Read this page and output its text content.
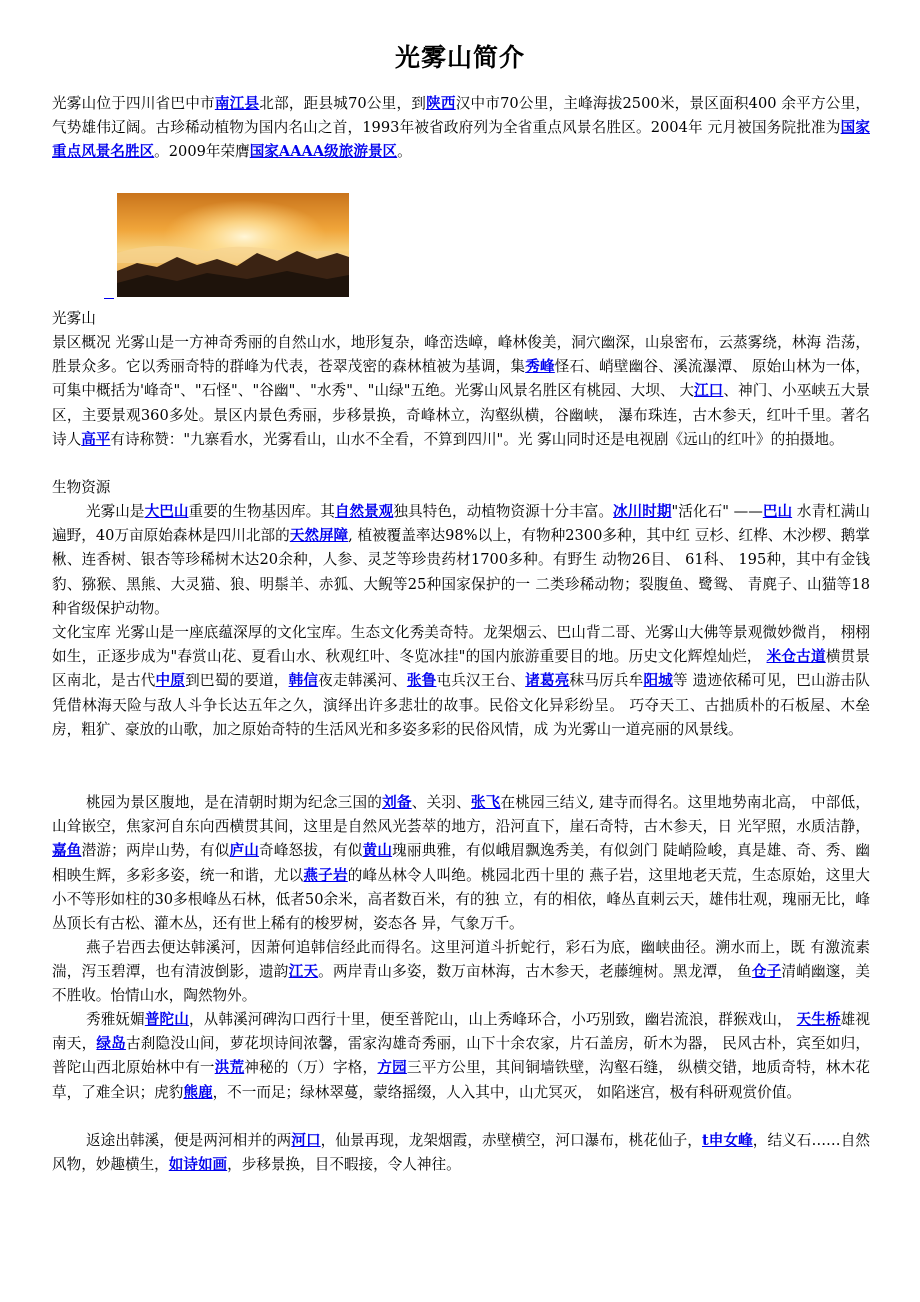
光雾山简介

光雾山位于四川省巴中市南江县北部，距县城70公里，到陕西汉中市70公里，主峰海拔2500米，景区面积400 余平方公里，气势雄伟辽阔。古珍稀动植物为国内名山之首，1993年被省政府列为全省重点风景名胜区。2004年 元月被国务院批准为国家重点风景名胜区。2009年荣膺国家AAAA级旅游景区。

光雾山

景区概况 光雾山是一方神奇秀丽的自然山水，地形复杂，峰峦迭嶂，峰林俊美，洞穴幽深，山泉密布，云蒸雾绕，林海 浩荡，胜景众多。它以秀丽奇特的群峰为代表，苍翠茂密的森林植被为基调，集秀峰怪石、峭壁幽谷、溪流瀑潭、 原始山林为一体，可集中概括为'峰奇"、"石怪"、"谷幽"、"水秀"、"山绿"五绝。光雾山风景名胜区有桃园、大坝、 大江口、神门、小巫峡五大景区，主要景观360多处。景区内景色秀丽，步移景换，奇峰林立，沟壑纵横，谷幽峡， 瀑布珠连，古木参天，红叶千里。著名诗人高平有诗称赞："九寨看水，光雾看山，山水不全看，不算到四川"。光 雾山同时还是电视剧《远山的红叶》的拍摄地。

生物资源

光雾山是大巴山重要的生物基因库。其自然景观独具特色，动植物资源十分丰富。冰川时期"活化石" ——巴山 水青杠满山遍野，40万亩原始森林是四川北部的天然屏障, 植被覆盖率达98%以上，有物种2300多种，其中红 豆杉、红桦、木沙椤、鹅掌楸、连香树、银杏等珍稀树木达20余种，人参、灵芝等珍贵药材1700多种。有野生 动物26目、 61科、 195种，其中有金钱豹、猕猴、黑熊、大灵猫、狼、明鬃羊、赤狐、大鲵等25种国家保护的一 二类珍稀动物；裂腹鱼、鹭鸳、 青麂子、山猫等18种省级保护动物。

文化宝库 光雾山是一座底蕴深厚的文化宝库。生态文化秀美奇特。龙架烟云、巴山背二哥、光雾山大佛等景观微妙微肖， 栩栩如生，正逐步成为"春赏山花、夏看山水、秋观红叶、冬览冰挂"的国内旅游重要目的地。历史文化辉煌灿烂， 米仓古道横贯景区南北，是古代中原到巴蜀的要道，韩信夜走韩溪河、张鲁屯兵汉王台、诸葛亮秣马厉兵牟阳城等 遗迹依稀可见，巴山游击队凭借林海天险与敌人斗争长达五年之久，演绎出许多悲壮的故事。民俗文化异彩纷呈。 巧夺天工、古拙质朴的石板屋、木垒房，粗犷、豪放的山歌，加之原始奇特的生活风光和多姿多彩的民俗风情，成 为光雾山一道亮丽的风景线。

桃园为景区腹地，是在清朝时期为纪念三国的刘备、关羽、张飞在桃园三结义, 建寺而得名。这里地势南北高， 中部低，山耸嵌空，焦家河自东向西横贯其间，这里是自然风光荟萃的地方，沿河直下，崖石奇特，古木参天，日 光罕照，水质洁静，嘉鱼潜游；两岸山势，有似庐山奇峰怒拔，有似黄山瑰丽典雅，有似峨眉飘逸秀美，有似剑门 陡峭险峻，真是雄、奇、秀、幽相映生辉，多彩多姿，统一和谐，尤以燕子岩的峰丛林令人叫绝。桃园北西十里的 燕子岩，这里地老天荒，生态原始，这里大小不等形如柱的30多根峰丛石林，低者50余米，高者数百米，有的独 立，有的相依，峰丛直刺云天，雄伟壮观，瑰丽无比，峰丛顶长有古松、灌木丛，还有世上稀有的梭罗树，姿态各 异，气象万千。

燕子岩西去便达韩溪河，因萧何追韩信经此而得名。这里河道斗折蛇行，彩石为底，幽峡曲径。溯水而上，既 有激流素湍，泻玉碧潭，也有清波倒影，遗韵江天。两岸青山多姿，数万亩林海，古木参天，老藤缠树。黑龙潭， 鱼仓子清峭幽邃，美不胜收。怡情山水，陶然物外。

秀雅妩媚普陀山，从韩溪河碑沟口西行十里，便至普陀山，山上秀峰环合，小巧别致，幽岩流浪，群猴戏山， 天生桥雄视南天，绿岛古刹隐没山间，萝花坝诗间浓馨，雷家沟雄奇秀丽，山下十余农家，片石盖房，斫木为器， 民风古朴，宾至如归，普陀山西北原始林中有一洪荒神秘的（万）字格，方园三平方公里，其间铜墙铁壁，沟壑石缝， 纵横交错，地质奇特，林木花草，了难全识；虎豹熊鹿，不一而足；绿林翠蔓，蒙络摇缀，人入其中，山尤冥灭， 如陷迷宫，极有科研观赏价值。

返途出韩溪，便是两河相并的两河口，仙景再现，龙架烟霞，赤壁横空，河口瀑布，桃花仙子，t申女峰，结义石……自然风物，妙趣横生，如诗如画，步移景换，目不暇接，令人神往。
